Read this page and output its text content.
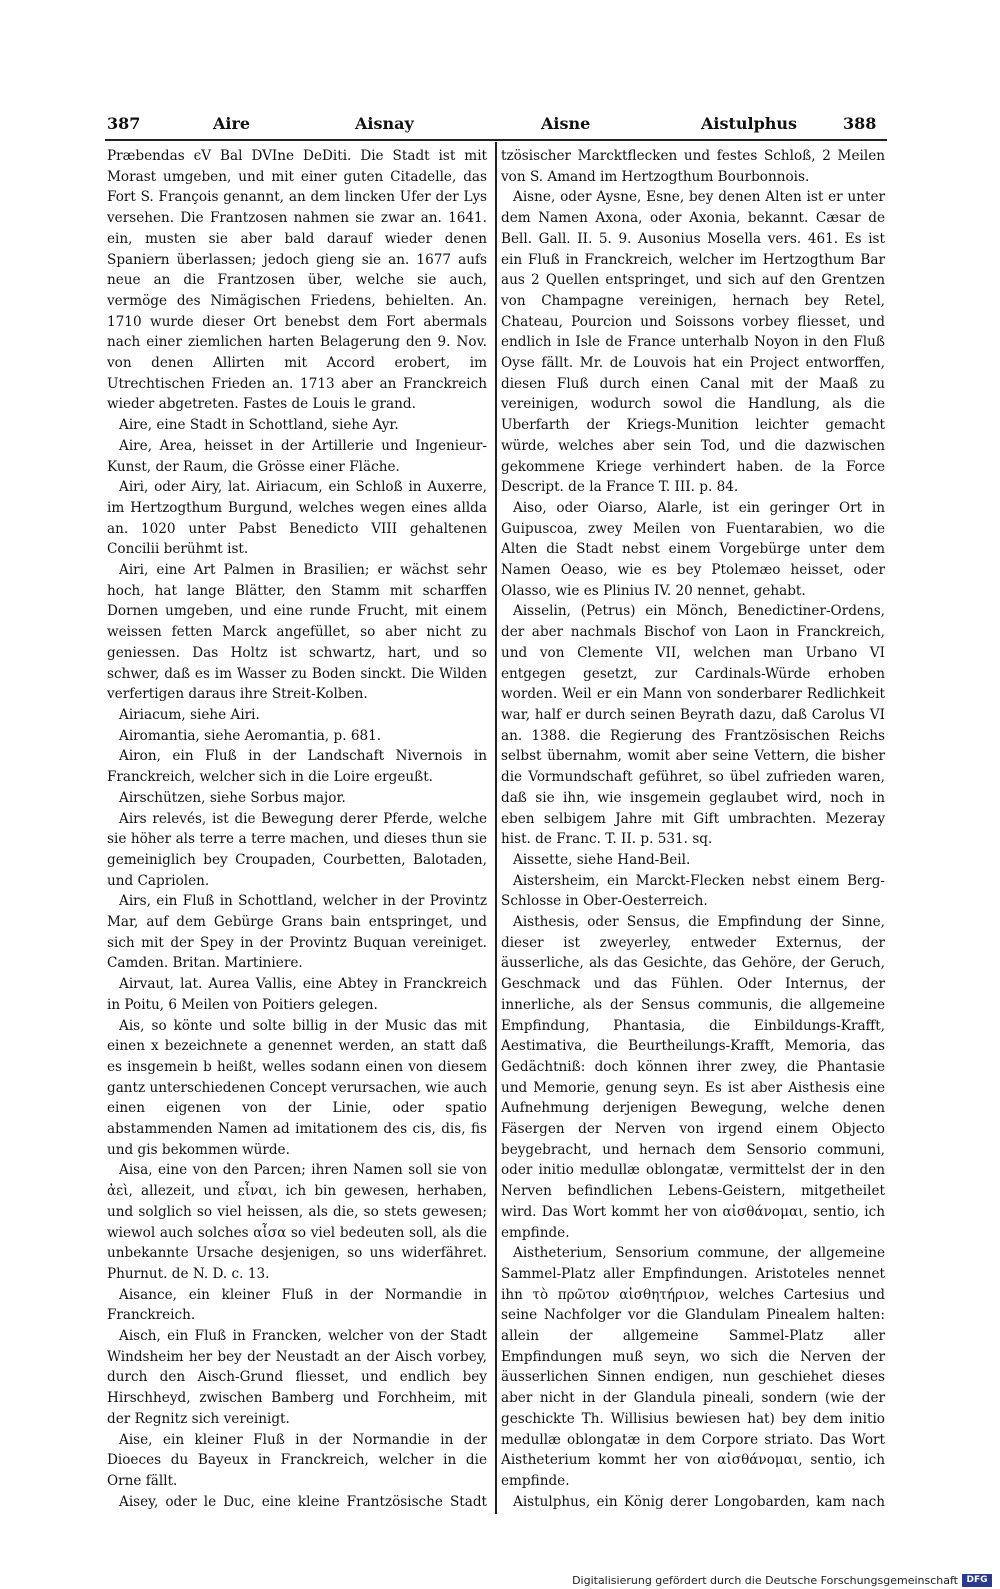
387	Aire	Aisnay	Aisne	Aistulphus	388

Præbendas ϵV Bal DVIne DeDiti. Die Stadt ist mit Morast umgeben, und mit einer guten Citadelle, das Fort S. François genannt, an dem lincken Ufer der Lys versehen. Die Frantzosen nahmen sie zwar an. 1641. ein, musten sie aber bald darauf wieder denen Spaniern überlassen; jedoch gieng sie an. 1677 aufs neue an die Frantzosen über, welche sie auch, vermöge des Nimägischen Friedens, behielten. An. 1710 wurde dieser Ort benebst dem Fort abermals nach einer ziemlichen harten Belagerung den 9. Nov. von denen Allirten mit Accord erobert, im Utrechtischen Frieden an. 1713 aber an Franckreich wieder abgetreten. Fastes de Louis le grand.

Aire, eine Stadt in Schottland, siehe Ayr.

Aire, Area, heisset in der Artillerie und Ingenieur-Kunst, der Raum, die Grösse einer Fläche.

Airi, oder Airy, lat. Airiacum, ein Schloß in Auxerre, im Hertzogthum Burgund, welches wegen eines allda an. 1020 unter Pabst Benedicto VIII gehaltenen Concilii berühmt ist.

Airi, eine Art Palmen in Brasilien; er wächst sehr hoch, hat lange Blätter, den Stamm mit scharffen Dornen umgeben, und eine runde Frucht, mit einem weissen fetten Marck angefüllet, so aber nicht zu geniessen. Das Holtz ist schwartz, hart, und so schwer, daß es im Wasser zu Boden sinckt. Die Wilden verfertigen daraus ihre Streit-Kolben.

Airiacum, siehe Airi.

Airomantia, siehe Aeromantia, p. 681.

Airon, ein Fluß in der Landschaft Nivernois in Franckreich, welcher sich in die Loire ergeußt.

Airschützen, siehe Sorbus major.

Airs relevés, ist die Bewegung derer Pferde, welche sie höher als terre a terre machen, und dieses thun sie gemeiniglich bey Croupaden, Courbetten, Balotaden, und Capriolen.

Airs, ein Fluß in Schottland, welcher in der Provintz Mar, auf dem Gebürge Grans bain entspringet, und sich mit der Spey in der Provintz Buquan vereiniget. Camden. Britan. Martiniere.

Airvaut, lat. Aurea Vallis, eine Abtey in Franckreich in Poitu, 6 Meilen von Poitiers gelegen.

Ais, so könte und solte billig in der Music das mit einen x bezeichnete a genennet werden, an statt daß es insgemein b heißt, welles sodann einen von diesem gantz unterschiedenen Concept verursachen, wie auch einen eigenen von der Linie, oder spatio abstammenden Namen ad imitationem des cis, dis, fis und gis bekommen würde.

Aisa, eine von den Parcen; ihren Namen soll sie von ἀεὶ, allezeit, und εἶναι, ich bin gewesen, herhaben, und solglich so viel heissen, als die, so stets gewesen; wiewol auch solches αἶσα so viel bedeuten soll, als die unbekannte Ursache desjenigen, so uns widerfähret. Phurnut. de N. D. c. 13.

Aisance, ein kleiner Fluß in der Normandie in Franckreich.

Aisch, ein Fluß in Francken, welcher von der Stadt Windsheim her bey der Neustadt an der Aisch vorbey, durch den Aisch-Grund fliesset, und endlich bey Hirschheyd, zwischen Bamberg und Forchheim, mit der Regnitz sich vereinigt.

Aise, ein kleiner Fluß in der Normandie in der Dioeces du Bayeux in Franckreich, welcher in die Orne fällt.

Aisey, oder le Duc, eine kleine Frantzösische Stadt

tzösischer Marcktflecken und festes Schloß, 2 Meilen von S. Amand im Hertzogthum Bourbonnois.

Aisne, oder Aysne, Esne, bey denen Alten ist er unter dem Namen Axona, oder Axonia, bekannt. Cæsar de Bell. Gall. II. 5. 9. Ausonius Mosella vers. 461. Es ist ein Fluß in Franckreich, welcher im Hertzogthum Bar aus 2 Quellen entspringet, und sich auf den Grentzen von Champagne vereinigen, hernach bey Retel, Chateau, Pourcion und Soissons vorbey fliesset, und endlich in Isle de France unterhalb Noyon in den Fluß Oyse fällt. Mr. de Louvois hat ein Project entworffen, diesen Fluß durch einen Canal mit der Maaß zu vereinigen, wodurch sowol die Handlung, als die Uberfarth der Kriegs-Munition leichter gemacht würde, welches aber sein Tod, und die dazwischen gekommene Kriege verhindert haben. de la Force Descript. de la France T. III. p. 84.

Aiso, oder Oiarso, Alarle, ist ein geringer Ort in Guipuscoa, zwey Meilen von Fuentarabien, wo die Alten die Stadt nebst einem Vorgebürge unter dem Namen Oeaso, wie es bey Ptolemæo heisset, oder Olasso, wie es Plinius IV. 20 nennet, gehabt.

Aisselin, (Petrus) ein Mönch, Benedictiner-Ordens, der aber nachmals Bischof von Laon in Franckreich, und von Clemente VII, welchen man Urbano VI entgegen gesetzt, zur Cardinals-Würde erhoben worden. Weil er ein Mann von sonderbarer Redlichkeit war, half er durch seinen Beyrath dazu, daß Carolus VI an. 1388. die Regierung des Frantzösischen Reichs selbst übernahm, womit aber seine Vettern, die bisher die Vormundschaft geführet, so übel zufrieden waren, daß sie ihn, wie insgemein geglaubet wird, noch in eben selbigem Jahre mit Gift umbrachten. Mezeray hist. de Franc. T. II. p. 531. sq.

Aissette, siehe Hand-Beil.

Aistersheim, ein Marckt-Flecken nebst einem Berg-Schlosse in Ober-Oesterreich.

Aisthesis, oder Sensus, die Empfindung der Sinne, dieser ist zweyerley, entweder Externus, der äusserliche, als das Gesichte, das Gehöre, der Geruch, Geschmack und das Fühlen. Oder Internus, der innerliche, als der Sensus communis, die allgemeine Empfindung, Phantasia, die Einbildungs-Krafft, Aestimativa, die Beurtheilungs-Krafft, Memoria, das Gedächtniß: doch können ihrer zwey, die Phantasie und Memorie, genung seyn. Es ist aber Aisthesis eine Aufnehmung derjenigen Bewegung, welche denen Fäsergen der Nerven von irgend einem Objecto beygebracht, und hernach dem Sensorio communi, oder initio medullæ oblongatæ, vermittelst der in den Nerven befindlichen Lebens-Geistern, mitgetheilet wird. Das Wort kommt her von αἰσθάνομαι, sentio, ich empfinde.

Aistheterium, Sensorium commune, der allgemeine Sammel-Platz aller Empfindungen. Aristoteles nennet ihn τὸ πρῶτον αἰσθητήριον, welches Cartesius und seine Nachfolger vor die Glandulam Pinealem halten: allein der allgemeine Sammel-Platz aller Empfindungen muß seyn, wo sich die Nerven der äusserlichen Sinnen endigen, nun geschiehet dieses aber nicht in der Glandula pineali, sondern (wie der geschickte Th. Willisius bewiesen hat) bey dem initio medullæ oblongatæ in dem Corpore striato. Das Wort Aistheterium kommt her von αἰσθάνομαι, sentio, ich empfinde.

Aistulphus, ein König derer Longobarden, kam nach

Digitalisierung gefördert durch die Deutsche Forschungsgemeinschaft DFG
